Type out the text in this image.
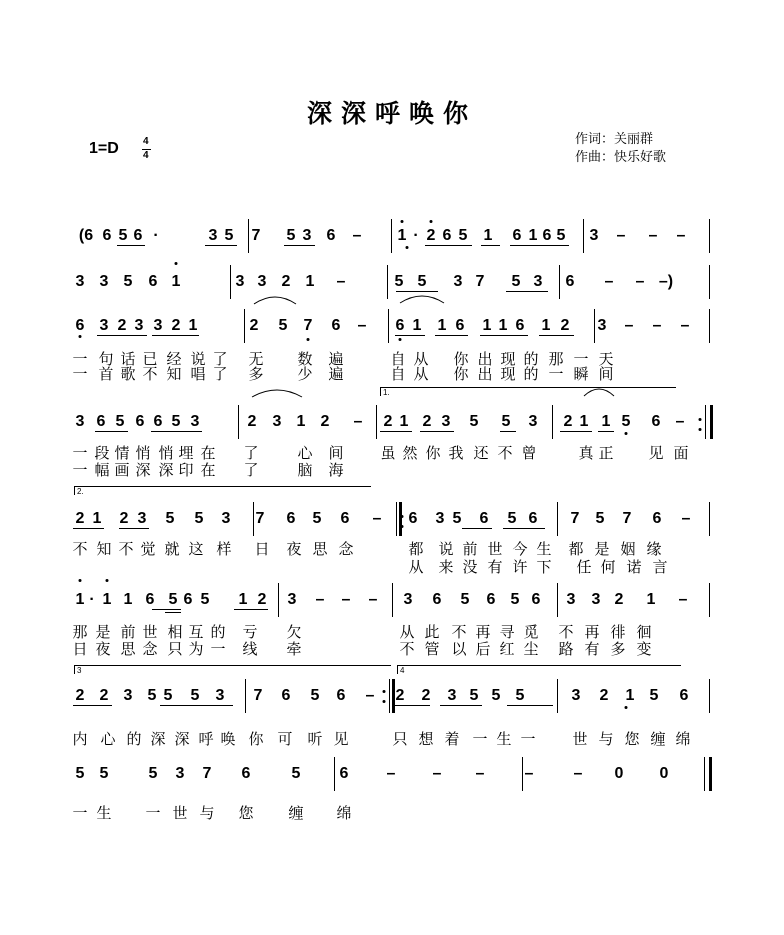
深深呼唤你
1=D 4
4
作词：关丽群
作曲：快乐好歌
(6 6 5 6 ·	3 5 7 5 3 6 – 1 · 2 6 5 1 6 1 6 5 3 – – –
3 3 5 6 1	3 3 2 1 –	5 5 3 7 5 3 6 – – –)
6 3 2 3 3 2 1	2 5 7 6 – 6 1 1 6 1 1 6 1 2 3 – – –
一 句 话 已 经 说 了 无 数 遍	自 从 你 出 现 的 那 一 天
一 首 歌 不 知 唱 了 多 少 遍	自 从 你 出 现 的 一 瞬 间
3 6 5 6 6 5 3	2 3 1 2 – 2 1 2 3 5 5 3 2 1 1 5 6 –
一 段 情 悄 悄 埋 在 了	心 间 虽 然 你 我 还 不 曾	真 正 见 面
一 幅 画 深 深 印 在 了	脑 海
2 1 2 3 5 5 3 7 6 5 6 – 6 3 5 6 5 6 7 5 7 6 –
不 知 不 觉 就 这 样 日 夜 思 念	都 说 前 世 今 生 都 是 姻 缘
从 来 没 有 许 下 任 何 诺 言
1 · 1 1 6 5 6 5 1 2 3 – – – 3 6 5 6 5 6 3 3 2 1 –
那 是 前 世 相 互 的 亏 欠	从 此 不 再 寻 觅 不 再 徘 徊
日 夜 思 念 只 为 一 线 牵	不 管 以 后 红 尘 路 有 多 变
2 2 3 5 5 5 3 7 6 5 6 – 2 2 3 5 5 5	3 2 1 5 6
内 心 的 深 深 呼 唤 你 可 听 见	只 想 着 一 生 一 世 与 您 缠 绵
5 5	5 3 7 6	5 6 – – –	–	– 0 0
一 生 一 世 与 您 缠 绵
1.
2.
3	4
